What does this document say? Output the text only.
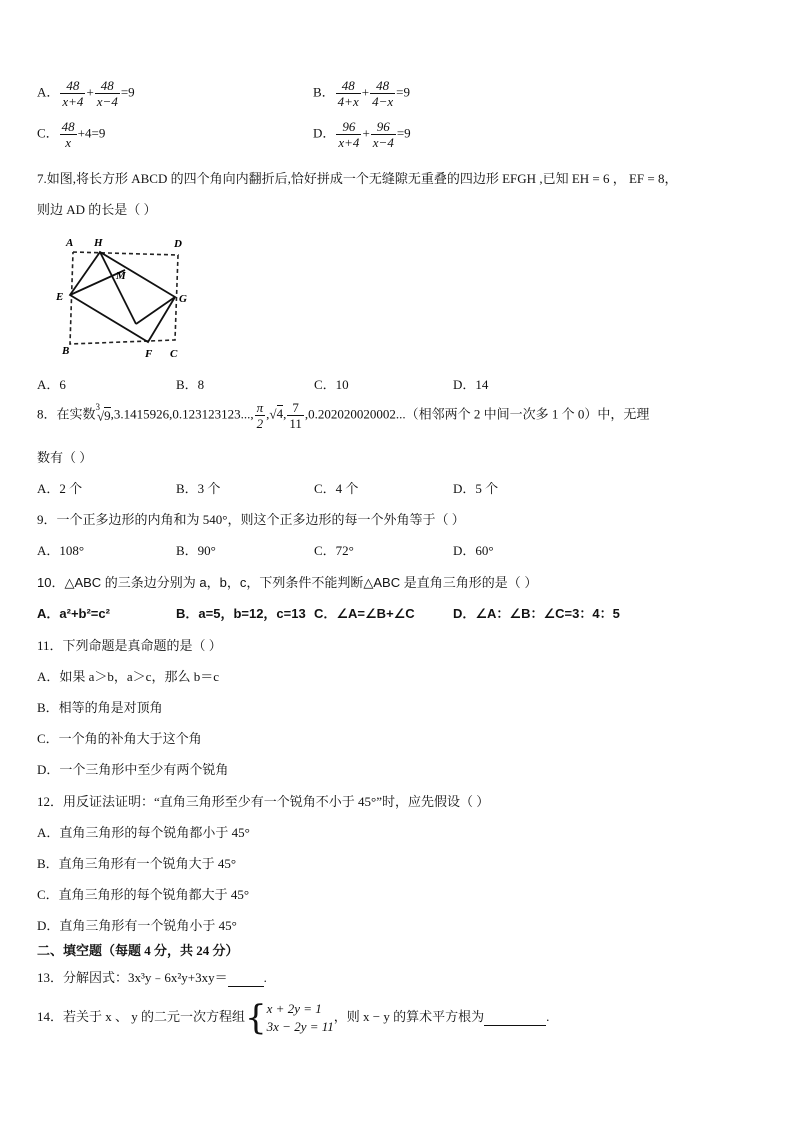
A． $\frac{48}{x+4} + \frac{48}{x-4} =9$	B． $\frac{48}{4+x} + \frac{48}{4-x} =9$
C． $\frac{48}{x} +4=9$	D． $\frac{96}{x+4} + \frac{96}{x-4} =9$
7.如图,将长方形 ABCD 的四个角向内翻折后,恰好拼成一个无缝隙无重叠的四边形 EFGH ,已知 EH = 6 ， EF = 8，
则边 AD 的长是（ ）
A H	D
M
E	G
B	F C
A．6	B．8	C．10	D．14
8．在实数$^3$√9,3.1415926,0.123123123..., $\frac{\pi}{2} ,√4$, $\frac{7}{11} ,0.202020020002$...（相邻两个 2 中间一次多 1 个 0）中，无理
数有（ ）
A．2 个	B．3 个	C．4 个	D．5 个
9．一个正多边形的内角和为 540°，则这个正多边形的每一个外角等于（ ）
A．108°	B．90°	C．72°	D．60°
10．△ABC 的三条边分别为 a，b，c，下列条件不能判断△ABC 是直角三角形的是（ ）
A．a²+b²=c²	B．a=5，b=12，c=13 C．∠A=∠B+∠C	D．∠A：∠B：∠C=3：4：5
11．下列命题是真命题的是（ ）
A．如果 a＞b，a＞c，那么 b＝c
B．相等的角是对顶角
C．一个角的补角大于这个角
D．一个三角形中至少有两个锐角
12．用反证法证明：“直角三角形至少有一个锐角不小于 45°”时，应先假设（ ）
A．直角三角形的每个锐角都小于 45°
B．直角三角形有一个锐角大于 45°
C．直角三角形的每个锐角都大于 45°
D．直角三角形有一个锐角小于 45°
二、填空题（每题 4 分，共 24 分）
13．分解因式：3x³y﹣6x²y+3xy＝	.
14．若关于 x 、 y 的二元一次方程组{ x + 2y = 1
3x − 2y = 11
，则 x − y 的算术平方根为	.
